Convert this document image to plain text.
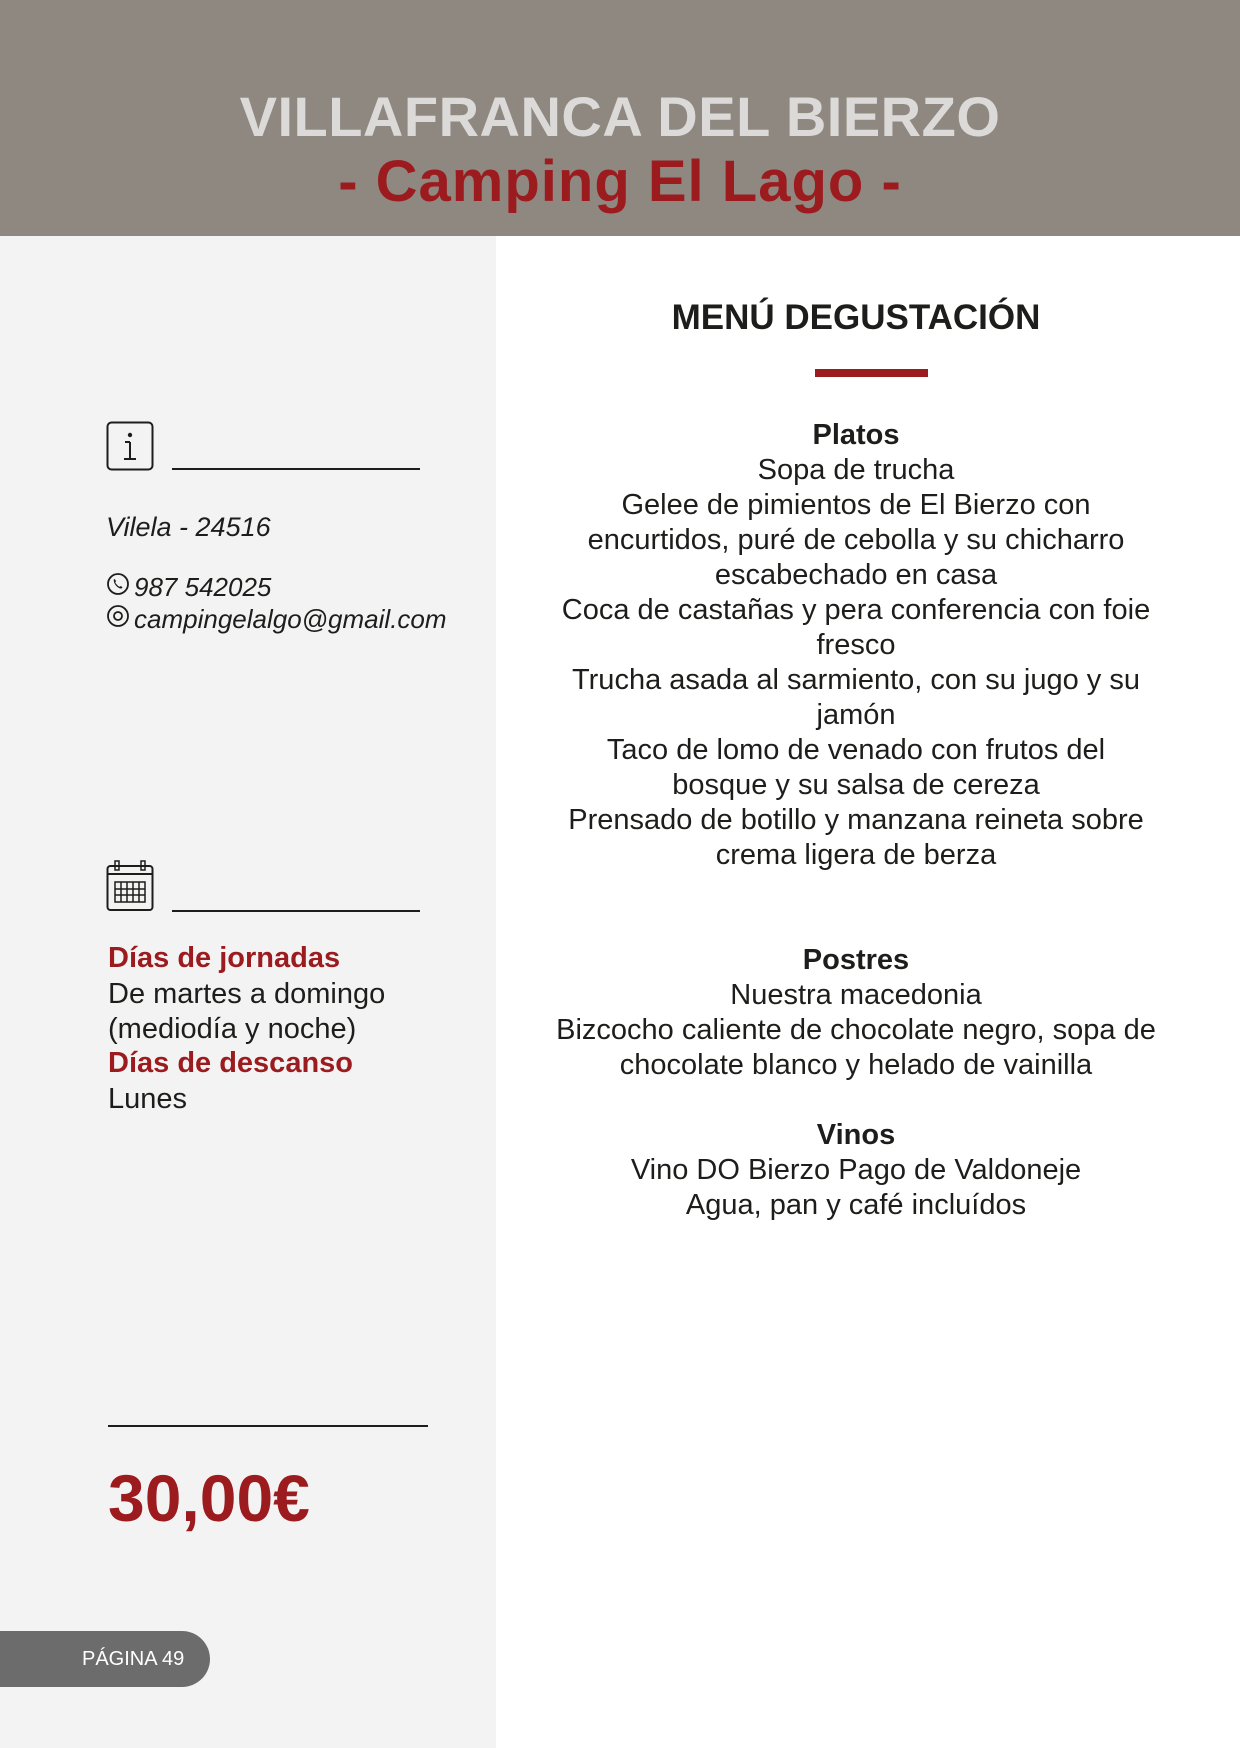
VILLAFRANCA DEL BIERZO
- Camping El Lago -
Vilela - 24516
987 542025
campingelalgo@gmail.com
Días de jornadas
De martes a domingo
(mediodía y noche)
Días de descanso
Lunes
30,00€
PÁGINA 49
MENÚ DEGUSTACIÓN
Platos
Sopa de trucha
Gelee de pimientos de El Bierzo con encurtidos, puré de cebolla y su chicharro escabechado en casa
Coca de castañas y pera conferencia con foie fresco
Trucha asada al sarmiento, con su jugo y su jamón
Taco de lomo de venado con frutos del bosque y su salsa de cereza
Prensado de botillo y manzana reineta sobre crema ligera de berza
Postres
Nuestra macedonia
Bizcocho caliente de chocolate negro, sopa de chocolate blanco y helado de vainilla
Vinos
Vino DO Bierzo Pago de Valdoneje
Agua, pan y café incluídos
